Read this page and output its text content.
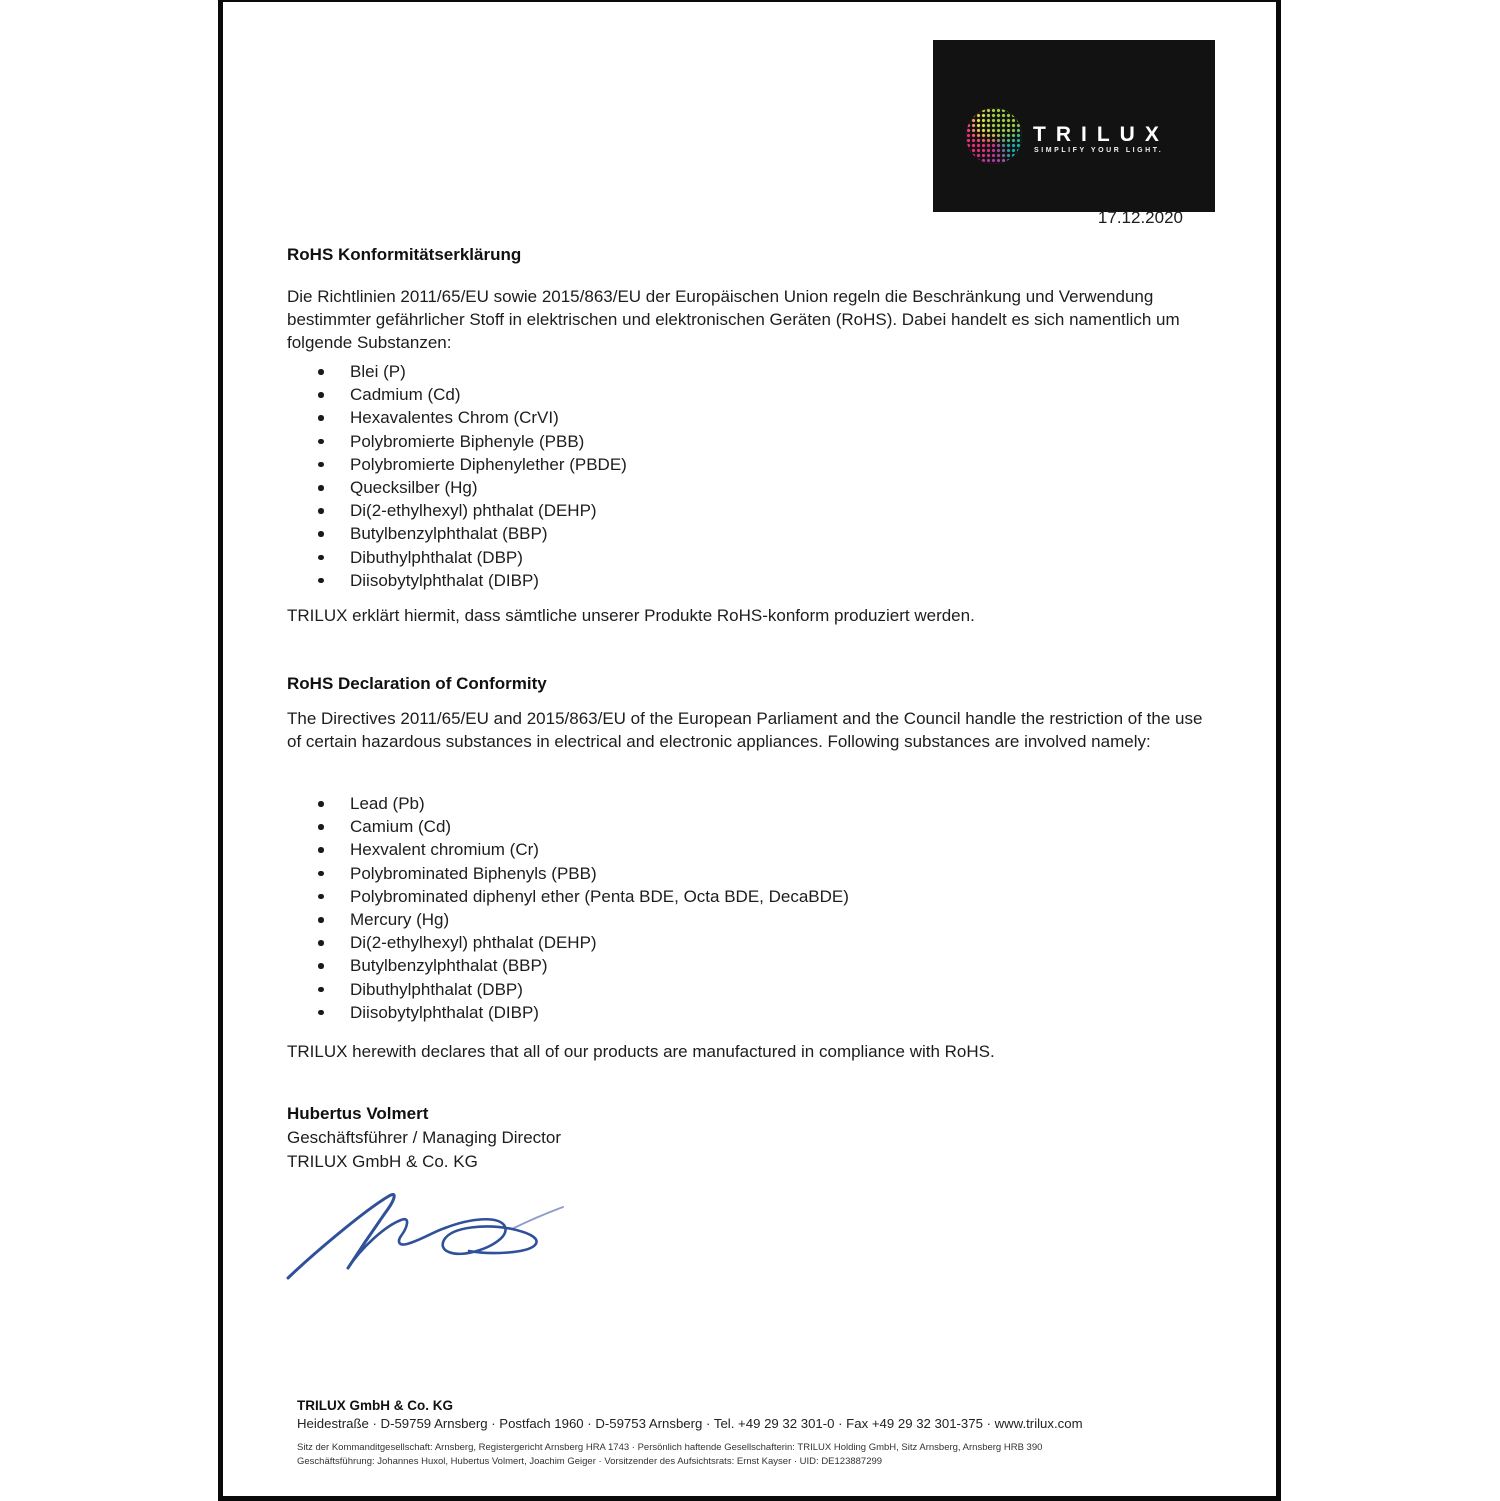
TRILUX
SIMPLIFY YOUR LIGHT.
17.12.2020
RoHS Konformitätserklärung
Die Richtlinien 2011/65/EU sowie 2015/863/EU der Europäischen Union regeln die Beschränkung und Verwendung bestimmter gefährlicher Stoff in elektrischen und elektronischen Geräten (RoHS). Dabei handelt es sich namentlich um folgende Substanzen:
Blei (P)
Cadmium (Cd)
Hexavalentes Chrom (CrVI)
Polybromierte Biphenyle (PBB)
Polybromierte Diphenylether (PBDE)
Quecksilber (Hg)
Di(2-ethylhexyl) phthalat (DEHP)
Butylbenzylphthalat (BBP)
Dibuthylphthalat (DBP)
Diisobytylphthalat (DIBP)
TRILUX erklärt hiermit, dass sämtliche unserer Produkte RoHS-konform produziert werden.
RoHS Declaration of Conformity
The Directives 2011/65/EU and 2015/863/EU of the European Parliament and the Council handle the restriction of the use of certain hazardous substances in electrical and electronic appliances. Following substances are involved namely:
Lead (Pb)
Camium (Cd)
Hexvalent chromium (Cr)
Polybrominated Biphenyls (PBB)
Polybrominated diphenyl ether (Penta BDE, Octa BDE, DecaBDE)
Mercury (Hg)
Di(2-ethylhexyl) phthalat (DEHP)
Butylbenzylphthalat (BBP)
Dibuthylphthalat (DBP)
Diisobytylphthalat (DIBP)
TRILUX herewith declares that all of our products are manufactured in compliance with RoHS.
Hubertus Volmert
Geschäftsführer / Managing Director
TRILUX GmbH & Co. KG
TRILUX GmbH & Co. KG
Heidestraße · D-59759 Arnsberg · Postfach 1960 · D-59753 Arnsberg · Tel. +49 29 32 301-0 · Fax +49 29 32 301-375 · www.trilux.com
Sitz der Kommanditgesellschaft: Arnsberg, Registergericht Arnsberg HRA 1743 · Persönlich haftende Gesellschafterin: TRILUX Holding GmbH, Sitz Arnsberg, Arnsberg HRB 390
Geschäftsführung: Johannes Huxol, Hubertus Volmert, Joachim Geiger · Vorsitzender des Aufsichtsrats: Ernst Kayser · UID: DE123887299
